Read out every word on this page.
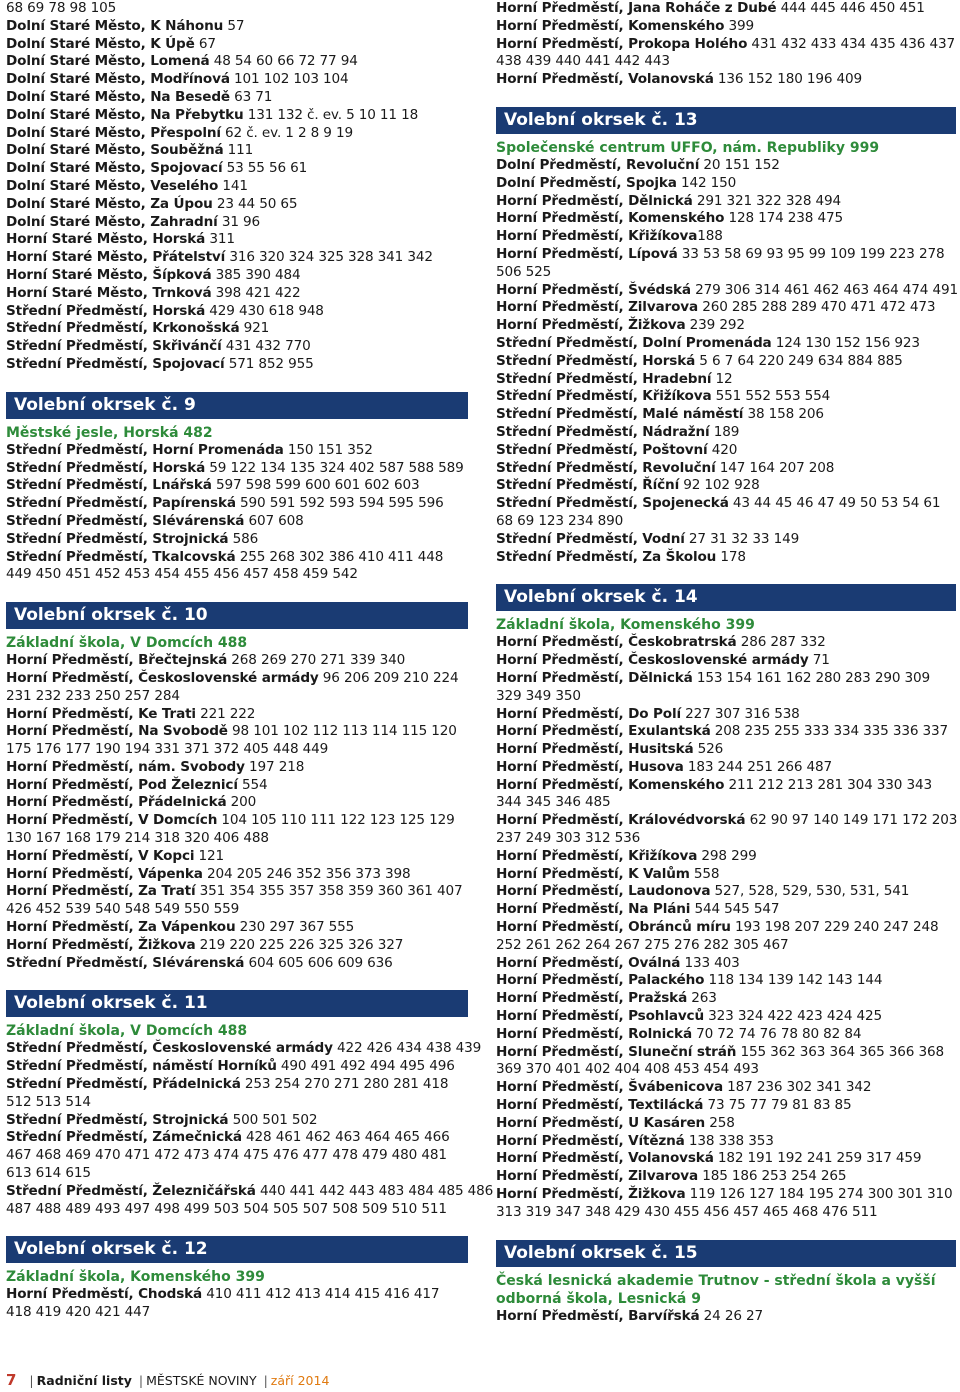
68 69 78 98 105
Dolní Staré Město, K Náhonu 57
Dolní Staré Město, K Úpě 67
Dolní Staré Město, Lomená 48 54 60 66 72 77 94
Dolní Staré Město, Modřínová 101 102 103 104
Dolní Staré Město, Na Besedě 63 71
Dolní Staré Město, Na Přebytku 131 132 č. ev. 5 10 11 18
Dolní Staré Město, Přespolní 62 č. ev. 1 2 8 9 19
Dolní Staré Město, Souběžná 111
Dolní Staré Město, Spojovací 53 55 56 61
Dolní Staré Město, Veselého 141
Dolní Staré Město, Za Úpou 23 44 50 65
Dolní Staré Město, Zahradní 31 96
Horní Staré Město, Horská 311
Horní Staré Město, Přátelství 316 320 324 325 328 341 342
Horní Staré Město, Šípková 385 390 484
Horní Staré Město, Trnková 398 421 422
Střední Předměstí, Horská 429 430 618 948
Střední Předměstí, Krkonošská 921
Střední Předměstí, Skřivánčí 431 432 770
Střední Předměstí, Spojovací 571 852 955
Volební okrsek č. 9
Městské jesle, Horská 482
Střední Předměstí, Horní Promenáda 150 151 352
Střední Předměstí, Horská 59 122 134 135 324 402 587 588 589
Střední Předměstí, Lnářská 597 598 599 600 601 602 603
Střední Předměstí, Papírenská 590 591 592 593 594 595 596
Střední Předměstí, Slévárenská 607 608
Střední Předměstí, Strojnická 586
Střední Předměstí, Tkalcovská 255 268 302 386 410 411 448
449 450 451 452 453 454 455 456 457 458 459 542
Volební okrsek č. 10
Základní škola, V Domcích 488
Horní Předměstí, Břečtejnská 268 269 270 271 339 340
Horní Předměstí, Československé armády 96 206 209 210 224
231 232 233 250 257 284
Horní Předměstí, Ke Trati 221 222
Horní Předměstí, Na Svobodě 98 101 102 112 113 114 115 120
175 176 177 190 194 331 371 372 405 448 449
Horní Předměstí, nám. Svobody 197 218
Horní Předměstí, Pod Železnicí 554
Horní Předměstí, Přádelnická 200
Horní Předměstí, V Domcích 104 105 110 111 122 123 125 129
130 167 168 179 214 318 320 406 488
Horní Předměstí, V Kopci 121
Horní Předměstí, Vápenka 204 205 246 352 356 373 398
Horní Předměstí, Za Tratí 351 354 355 357 358 359 360 361 407
426 452 539 540 548 549 550 559
Horní Předměstí, Za Vápenkou 230 297 367 555
Horní Předměstí, Žižkova 219 220 225 226 325 326 327
Střední Předměstí, Slévárenská 604 605 606 609 636
Volební okrsek č. 11
Základní škola, V Domcích 488
Střední Předměstí, Československé armády 422 426 434 438 439
Střední Předměstí, náměstí Horníků 490 491 492 494 495 496
Střední Předměstí, Přádelnická 253 254 270 271 280 281 418
512 513 514
Střední Předměstí, Strojnická 500 501 502
Střední Předměstí, Zámečnická 428 461 462 463 464 465 466
467 468 469 470 471 472 473 474 475 476 477 478 479 480 481
613 614 615
Střední Předměstí, Železničářská 440 441 442 443 483 484 485 486
487 488 489 493 497 498 499 503 504 505 507 508 509 510 511
Volební okrsek č. 12
Základní škola, Komenského 399
Horní Předměstí, Chodská 410 411 412 413 414 415 416 417
418 419 420 421 447
Horní Předměstí, Jana Roháče z Dubé 444 445 446 450 451
Horní Předměstí, Komenského 399
Horní Předměstí, Prokopa Holého 431 432 433 434 435 436 437
438 439 440 441 442 443
Horní Předměstí, Volanovská 136 152 180 196 409
Volební okrsek č. 13
Společenské centrum UFFO, nám. Republiky 999
Dolní Předměstí, Revoluční 20 151 152
Dolní Předměstí, Spojka 142 150
Horní Předměstí, Dělnická 291 321 322 328 494
Horní Předměstí, Komenského 128 174 238 475
Horní Předměstí, Křižíkova188
Horní Předměstí, Lípová 33 53 58 69 93 95 99 109 199 223 278
506 525
Horní Předměstí, Švédská 279 306 314 461 462 463 464 474 491
Horní Předměstí, Zilvarova 260 285 288 289 470 471 472 473
Horní Předměstí, Žižkova 239 292
Střední Předměstí, Dolní Promenáda 124 130 152 156 923
Střední Předměstí, Horská 5 6 7 64 220 249 634 884 885
Střední Předměstí, Hradební 12
Střední Předměstí, Křižíkova 551 552 553 554
Střední Předměstí, Malé náměstí 38 158 206
Střední Předměstí, Nádražní 189
Střední Předměstí, Poštovní 420
Střední Předměstí, Revoluční 147 164 207 208
Střední Předměstí, Říční 92 102 928
Střední Předměstí, Spojenecká 43 44 45 46 47 49 50 53 54 61
68 69 123 234 890
Střední Předměstí, Vodní 27 31 32 33 149
Střední Předměstí, Za Školou 178
Volební okrsek č. 14
Základní škola, Komenského 399
Horní Předměstí, Českobratrská 286 287 332
Horní Předměstí, Československé armády 71
Horní Předměstí, Dělnická 153 154 161 162 280 283 290 309
329 349 350
Horní Předměstí, Do Polí 227 307 316 538
Horní Předměstí, Exulantská 208 235 255 333 334 335 336 337
Horní Předměstí, Husitská 526
Horní Předměstí, Husova 183 244 251 266 487
Horní Předměstí, Komenského 211 212 213 281 304 330 343
344 345 346 485
Horní Předměstí, Královédvorská 62 90 97 140 149 171 172 203
237 249 303 312 536
Horní Předměstí, Křižíkova 298 299
Horní Předměstí, K Valům 558
Horní Předměstí, Laudonova 527, 528, 529, 530, 531, 541
Horní Předměstí, Na Pláni 544 545 547
Horní Předměstí, Obránců míru 193 198 207 229 240 247 248
252 261 262 264 267 275 276 282 305 467
Horní Předměstí, Oválná 133 403
Horní Předměstí, Palackého 118 134 139 142 143 144
Horní Předměstí, Pražská 263
Horní Předměstí, Psohlavců 323 324 422 423 424 425
Horní Předměstí, Rolnická 70 72 74 76 78 80 82 84
Horní Předměstí, Sluneční stráň 155 362 363 364 365 366 368
369 370 401 402 404 408 453 454 493
Horní Předměstí, Švábenicova 187 236 302 341 342
Horní Předměstí, Textilácká 73 75 77 79 81 83 85
Horní Předměstí, U Kasáren 258
Horní Předměstí, Vítězná 138 338 353
Horní Předměstí, Volanovská 182 191 192 241 259 317 459
Horní Předměstí, Zilvarova 185 186 253 254 265
Horní Předměstí, Žižkova 119 126 127 184 195 274 300 301 310
313 319 347 348 429 430 455 456 457 465 468 476 511
Volební okrsek č. 15
Česká lesnická akademie Trutnov - střední škola a vyšší
odborná škola, Lesnická 9
Horní Předměstí, Barvířská 24 26 27
7 | Radniční listy | MĚSTSKÉ NOVINY | září 2014
